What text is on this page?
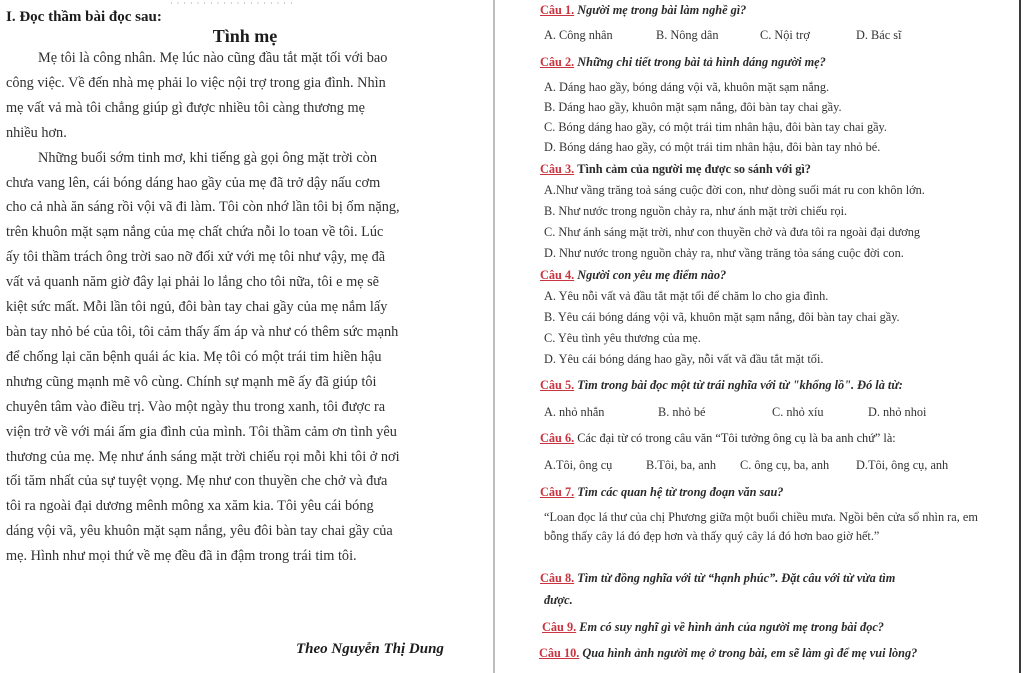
I. Đọc thầm bài đọc sau:
Tình mẹ
Mẹ tôi là công nhân. Mẹ lúc nào cũng đầu tắt mặt tối với bao
công việc. Về đến nhà mẹ phải lo việc nội trợ trong gia đình. Nhìn
mẹ vất vả mà tôi chẳng giúp gì được nhiều tôi càng thương mẹ
nhiều hơn.
Những buổi sớm tinh mơ, khi tiếng gà gọi ông mặt trời còn
chưa vang lên, cái bóng dáng hao gầy của mẹ đã trở dậy nấu cơm
cho cả nhà ăn sáng rồi vội vã đi làm. Tôi còn nhớ lần tôi bị ốm nặng,
trên khuôn mặt sạm nắng của mẹ chất chứa nỗi lo toan về tôi. Lúc
ấy tôi thầm trách ông trời sao nỡ đối xử với mẹ tôi như vậy, mẹ đã
vất vả quanh năm giờ đây lại phải lo lắng cho tôi nữa, tôi e mẹ sẽ
kiệt sức mất. Mỗi lần tôi ngủ, đôi bàn tay chai gầy của mẹ nắm lấy
bàn tay nhỏ bé của tôi, tôi cảm thấy ấm áp và như có thêm sức mạnh
để chống lại căn bệnh quái ác kia. Mẹ tôi có một trái tim hiền hậu
nhưng cũng mạnh mẽ vô cùng. Chính sự mạnh mẽ ấy đã giúp tôi
chuyên tâm vào điều trị. Vào một ngày thu trong xanh, tôi được ra
viện trở về với mái ấm gia đình của mình. Tôi thầm cảm ơn tình yêu
thương của mẹ. Mẹ như ánh sáng mặt trời chiếu rọi mỗi khi tôi ở nơi
tối tăm nhất của sự tuyệt vọng. Mẹ như con thuyền che chở và đưa
tôi ra ngoài đại dương mênh mông xa xăm kia. Tôi yêu cái bóng
dáng vội vã, yêu khuôn mặt sạm nắng, yêu đôi bàn tay chai gầy của
mẹ. Hình như mọi thứ về mẹ đều đã in đậm trong trái tim tôi.
Theo Nguyễn Thị Dung
· · · · · · · · · · · · · · · · · · ·	Câu 1. Người mẹ trong bài làm nghề gì?
A. Công nhân	B. Nông dân	C. Nội trợ	D. Bác sĩ
Câu 2. Những chi tiết trong bài tả hình dáng người mẹ?
A. Dáng hao gầy, bóng dáng vội vã, khuôn mặt sạm nắng.
B. Dáng hao gầy, khuôn mặt sạm nắng, đôi bàn tay chai gầy.
C. Bóng dáng hao gầy, có một trái tim nhân hậu, đôi bàn tay chai gầy.
D. Bóng dáng hao gầy, có một trái tim nhân hậu, đôi bàn tay nhỏ bé.
Câu 3. Tình cảm của người mẹ được so sánh với gì?
A.Như vầng trăng toả sáng cuộc đời con, như dòng suối mát ru con khôn lớn.
B. Như nước trong nguồn chảy ra, như ánh mặt trời chiếu rọi.
C. Như ánh sáng mặt trời, như con thuyền chở và đưa tôi ra ngoài đại dương
D. Như nước trong nguồn chảy ra, như vầng trăng tỏa sáng cuộc đời con.
Câu 4. Người con yêu mẹ điểm nào?
A. Yêu nỗi vất vả đầu tắt mặt tối để chăm lo cho gia đình.
B. Yêu cái bóng dáng vội vã, khuôn mặt sạm nắng, đôi bàn tay chai gầy.
C. Yêu tình yêu thương của mẹ.
D. Yêu cái bóng dáng hao gầy, nỗi vất vã đầu tắt mặt tối.
Câu 5. Tìm trong bài đọc một từ trái nghĩa với từ "khổng lồ". Đó là từ:
A. nhỏ nhắn	B. nhỏ bé	C. nhỏ xíu	D. nhỏ nhoi
Câu 6. Các đại từ có trong câu văn “Tôi tưởng ông cụ là ba anh chứ” là:
A.Tôi, ông cụ	B.Tôi, ba, anh C. ông cụ, ba, anh D.Tôi, ông cụ, anh
Câu 7. Tìm các quan hệ từ trong đoạn văn sau?
“Loan đọc lá thư của chị Phương giữa một buổi chiều mưa. Ngồi bên cửa sổ nhìn ra, em bỗng thấy cây lá đó đẹp hơn và thấy quý cây lá đó hơn bao giờ hết.”
Câu 8. Tìm từ đồng nghĩa với từ “hạnh phúc”. Đặt câu với từ vừa tìm
được.
Câu 9. Em có suy nghĩ gì về hình ảnh của người mẹ trong bài đọc?
Câu 10. Qua hình ảnh người mẹ ở trong bài, em sẽ làm gì để mẹ vui lòng?
